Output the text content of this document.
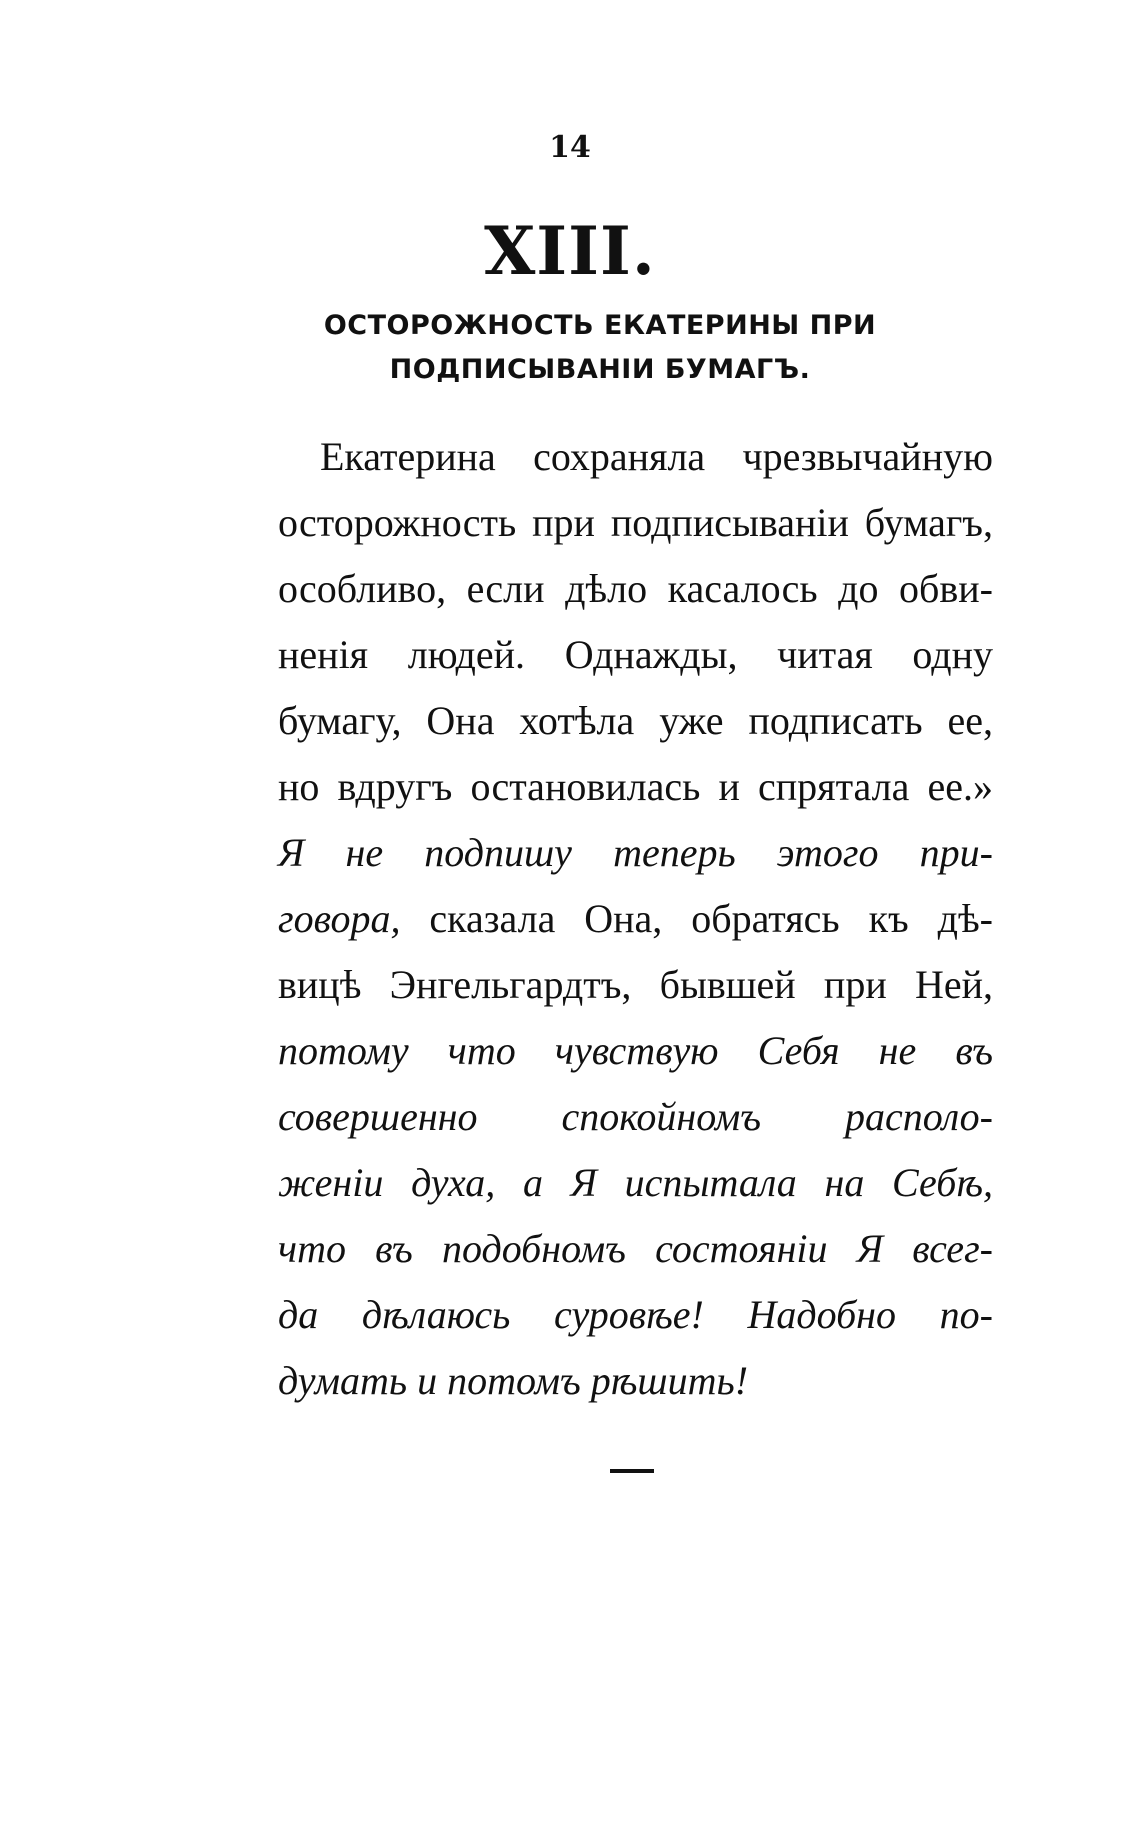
14
XIII.
ОСТОРОЖНОСТЬ ЕКАТЕРИНЫ ПРИ ПОДПИСЫВАНІИ БУМАГЪ.
Екатерина сохраняла чрезвычайную
осторожность при подписываніи бумагъ,
особливо, если дѣло касалось до обви-
ненія людей. Однажды, читая одну
бумагу, Она хотѣла уже подписать ее,
но вдругъ остановилась и спрятала ее.»
Я не подпишу теперь этого при-
говора, сказала Она, обратясь къ дѣ-
вицѣ Энгельгардтъ, бывшей при Ней,
потому что чувствую Себя не въ
совершенно спокойномъ располо-
женіи духа, а Я испытала на Себѣ,
что въ подобномъ состояніи Я всег-
да дѣлаюсь суровѣе! Надобно по-
думать и потомъ рѣшить!
